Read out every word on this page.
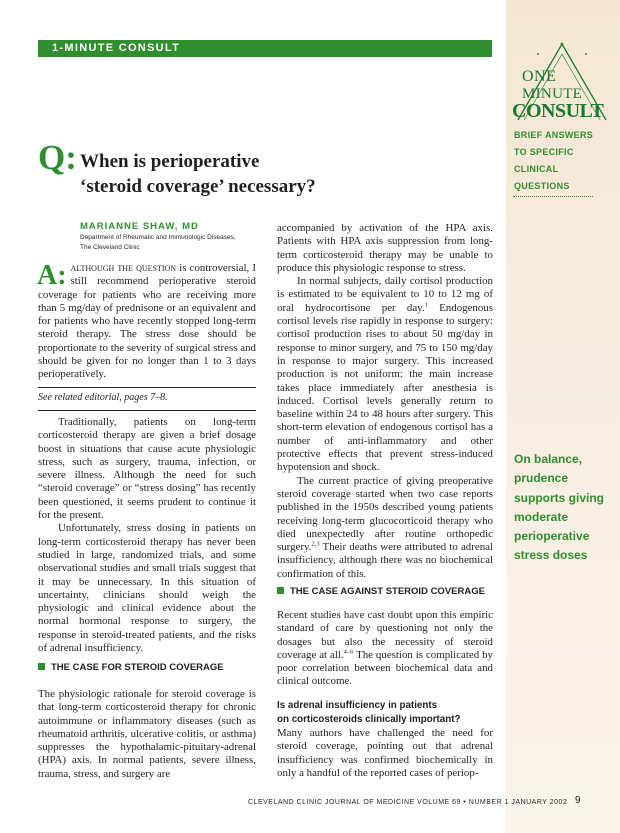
1-MINUTE CONSULT
ONE
MINUTE
CONSULT
BRIEF ANSWERS
TO SPECIFIC
CLINICAL
QUESTIONS
Q: When is perioperative
‘steroid coverage’ necessary?
MARIANNE SHAW, MD
Department of Rheumatic and Immunologic Diseases,
The Cleveland Clinic

A: although the question is controversial, I still recommend perioperative steroid coverage for patients who are receiving more than 5 mg/day of prednisone or an equivalent and for patients who have recently stopped long-term steroid therapy. The stress dose should be proportionate to the severity of surgical stress and should be given for no longer than 1 to 3 days perioperatively.

See related editorial, pages 7–8.

Traditionally, patients on long-term corticosteroid therapy are given a brief dosage boost in situations that cause acute physiologic stress, such as surgery, trauma, infection, or severe illness. Although the need for such “steroid coverage” or “stress dosing” has recently been questioned, it seems prudent to continue it for the present.

Unfortunately, stress dosing in patients on long-term corticosteroid therapy has never been studied in large, randomized trials, and some observational studies and small trials suggest that it may be unnecessary. In this situation of uncertainty, clinicians should weigh the physiologic and clinical evidence about the normal hormonal response to surgery, the response in steroid-treated patients, and the risks of adrenal insufficiency.

THE CASE FOR STEROID COVERAGE

The physiologic rationale for steroid coverage is that long-term corticosteroid therapy for chronic autoimmune or inflammatory diseases (such as rheumatoid arthritis, ulcerative colitis, or asthma) suppresses the hypothalamic-pituitary-adrenal (HPA) axis. In normal patients, severe illness, trauma, stress, and surgery are

accompanied by activation of the HPA axis. Patients with HPA axis suppression from long-term corticosteroid therapy may be unable to produce this physiologic response to stress.

In normal subjects, daily cortisol production is estimated to be equivalent to 10 to 12 mg of oral hydrocortisone per day.$^1$ Endogenous cortisol levels rise rapidly in response to surgery: cortisol production rises to about 50 mg/day in response to minor surgery, and 75 to 150 mg/day in response to major surgery. This increased production is not uniform: the main increase takes place immediately after anesthesia is induced. Cortisol levels generally return to baseline within 24 to 48 hours after surgery. This short-term elevation of endogenous cortisol has a number of anti-inflammatory and other protective effects that prevent stress-induced hypotension and shock.

The current practice of giving preoperative steroid coverage started when two case reports published in the 1950s described young patients receiving long-term glucocorticoid therapy who died unexpectedly after routine orthopedic surgery.$^{2,3}$ Their deaths were attributed to adrenal insufficiency, although there was no biochemical confirmation of this.

THE CASE AGAINST STEROID COVERAGE

Recent studies have cast doubt upon this empiric standard of care by questioning not only the dosages but also the necessity of steroid coverage at all.$^{4-6}$ The question is complicated by poor correlation between biochemical data and clinical outcome.

Is adrenal insufficiency in patients
on corticosteroids clinically important?

Many authors have challenged the need for steroid coverage, pointing out that adrenal insufficiency was confirmed biochemically in only a handful of the reported cases of periop-

On balance,
prudence
supports giving
moderate
perioperative
stress doses
CLEVELAND CLINIC JOURNAL OF MEDICINE VOLUME 69 • NUMBER 1 JANUARY 2002 9
